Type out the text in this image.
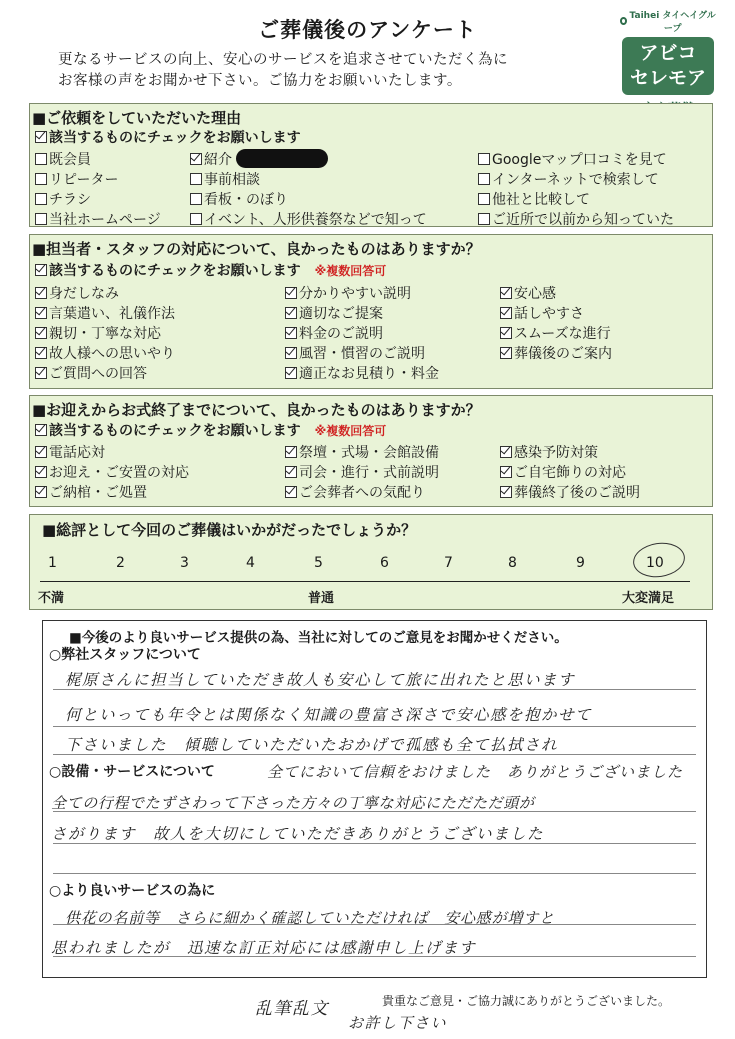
ご葬儀後のアンケート
更なるサービスの向上、安心のサービスを追求させていただく為に
お客様の声をお聞かせ下さい。ご協力をお願いいたします。
Taihei タイヘイグループ
アビコ
セレモア
■ご依頼をしていただいた理由
該当するものにチェックをお願いします
既会員	紹介	Googleマップ口コミを見て
リピーター	事前相談	インターネットで検索して
チラシ	看板・のぼり	他社と比較して
当社ホームページ	イベント、人形供養祭などで知って	ご近所で以前から知っていた
■担当者・スタッフの対応について、良かったものはありますか？
該当するものにチェックをお願いします ※複数回答可
身だしなみ	分かりやすい説明	安心感
言葉遣い、礼儀作法	適切なご提案	話しやすさ
親切・丁寧な対応	料金のご説明	スムーズな進行
故人様への思いやり	風習・慣習のご説明	葬儀後のご案内
ご質問への回答	適正なお見積り・料金
■お迎えからお式終了までについて、良かったものはありますか？
該当するものにチェックをお願いします ※複数回答可
電話応対	祭壇・式場・会館設備	感染予防対策
お迎え・ご安置の対応	司会・進行・式前説明	ご自宅飾りの対応
ご納棺・ご処置	ご会葬者への気配り	葬儀終了後のご説明
■総評として今回のご葬儀はいかがだったでしょうか？
1	2	3	4	5	6	7	8	9	10
不満	普通	大変満足
■今後のより良いサービス提供の為、当社に対してのご意見をお聞かせください。
○弊社スタッフについて
○設備・サービスについて
○より良いサービスの為に
梶原さんに担当していただき故人も安心して旅に出れたと思います
何といっても年令とは関係なく知識の豊富さ深さで安心感を抱かせて
下さいました　傾聴していただいたおかげで孤感も全て払拭され
全てにおいて信頼をおけました　ありがとうございました
全ての行程でたずさわって下さった方々の丁寧な対応にただただ頭が
さがります　故人を大切にしていただきありがとうございました
供花の名前等　さらに細かく確認していただければ　安心感が増すと
思われましたが　迅速な訂正対応には感謝申し上げます
乱筆乱文
お許し下さい
貴重なご意見・ご協力誠にありがとうございました。
